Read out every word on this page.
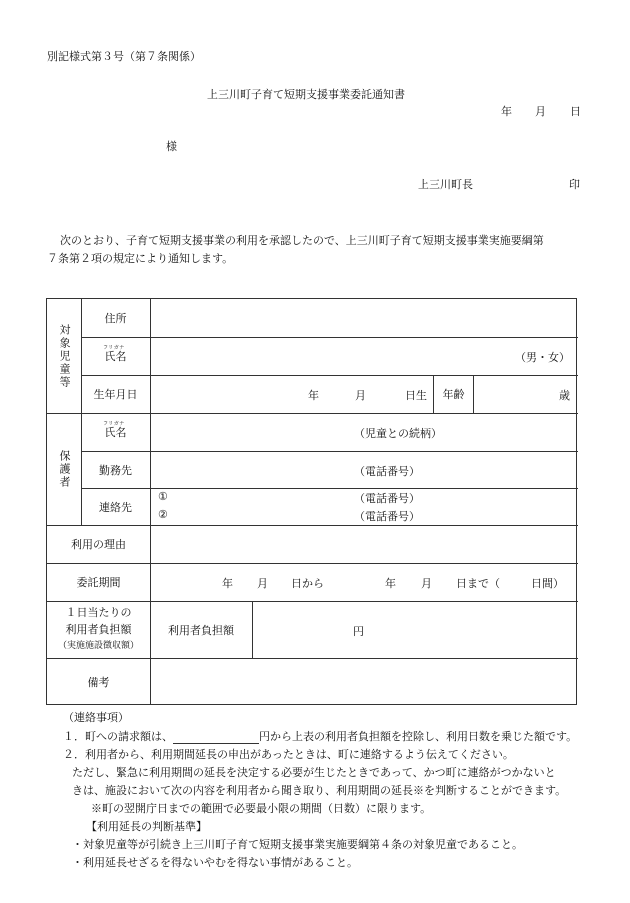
別記様式第３号（第７条関係）
上三川町子育て短期支援事業委託通知書
年 月 日
様
上三川町長	印
次のとおり、子育て短期支援事業の利用を承認したので、上三川町子育て短期支援事業実施要綱第
７条第２項の規定により通知します。
対象児童等
住所
フリガナ
氏名	（男・女）
生年月日	年	月	日生	年齢	歳
保護者
フリガナ
氏名	（児童との続柄）
勤務先	（電話番号）
連絡先
①	（電話番号）
②	（電話番号）
利用の理由
委託期間	年 月 日から	年 月 日まで（	日間）
１日当たりの
利用者負担額
（実施施設徴収額）
利用者負担額	円
備考
（連絡事項）
１．町への請求額は、	円から上表の利用者負担額を控除し、利用日数を乗じた額です。
２．利用者から、利用期間延長の申出があったときは、町に連絡するよう伝えてください。
ただし、緊急に利用期間の延長を決定する必要が生じたときであって、かつ町に連絡がつかないと
きは、施設において次の内容を利用者から聞き取り、利用期間の延長※を判断することができます。
※町の翌開庁日までの範囲で必要最小限の期間（日数）に限ります。
【利用延長の判断基準】
・対象児童等が引続き上三川町子育て短期支援事業実施要綱第４条の対象児童であること。
・利用延長せざるを得ないやむを得ない事情があること。
